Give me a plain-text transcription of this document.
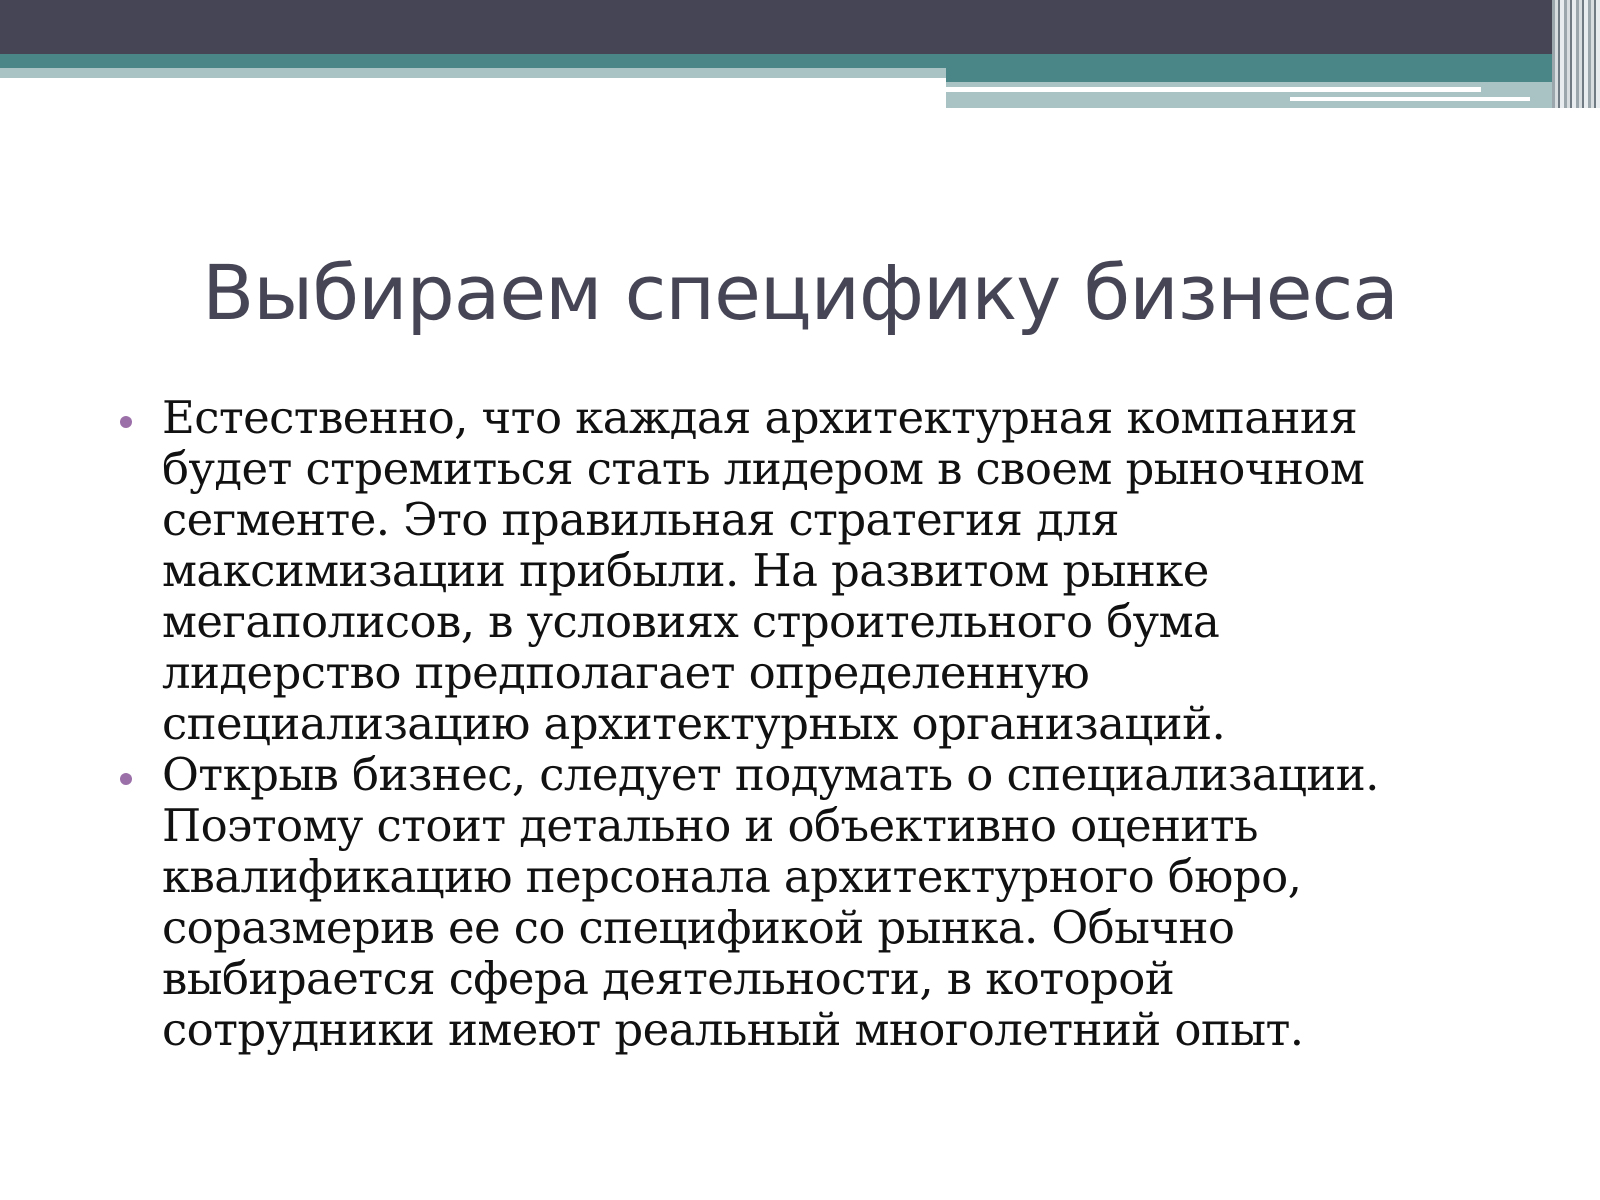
Выбираем специфику бизнеса
Естественно, что каждая архитектурная компания
будет стремиться стать лидером в своем рыночном
сегменте. Это правильная стратегия для
максимизации прибыли. На развитом рынке
мегаполисов, в условиях строительного бума
лидерство предполагает определенную
специализацию архитектурных организаций.
Открыв бизнес, следует подумать о специализации.
Поэтому стоит детально и объективно оценить
квалификацию персонала архитектурного бюро,
соразмерив ее со спецификой рынка. Обычно
выбирается сфера деятельности, в которой
сотрудники имеют реальный многолетний опыт.
